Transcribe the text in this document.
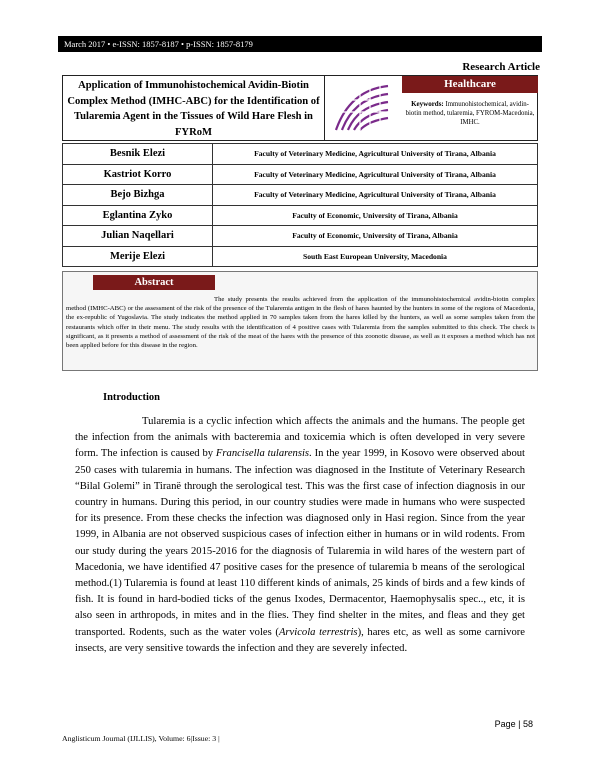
March 2017 • e-ISSN: 1857-8187 • p-ISSN: 1857-8179
Research Article
Application of Immunohistochemical Avidin-Biotin Complex Method (IMHC-ABC) for the Identification of Tularemia Agent in the Tissues of Wild Hare Flesh in FYRoM
Healthcare
Keywords: Immunohistochemical, avidin-biotin method, tularemia, FYROM-Macedonia, IMHC.
Besnik Elezi	Faculty of Veterinary Medicine, Agricultural University of Tirana, Albania
Kastriot Korro	Faculty of Veterinary Medicine, Agricultural University of Tirana, Albania
Bejo Bizhga	Faculty of Veterinary Medicine, Agricultural University of Tirana, Albania
Eglantina Zyko	Faculty of Economic, University of Tirana, Albania
Julian Naqellari	Faculty of Economic, University of Tirana, Albania
Merije Elezi	South East European University, Macedonia
Abstract
The study presents the results achieved from the application of the immunohistochemical avidin-biotin complex method (IMHC-ABC) or the assessment of the risk of the presence of the Tularemia antigen in the flesh of hares haunted by the hunters in some of the regions of Macedonia, the ex-republic of Yugoslavia. The study indicates the method applied in 70 samples taken from the hares killed by the hunters, as well as some samples taken from the restaurants which offer in their menu. The study results with the identification of 4 positive cases with Tularemia from the samples submitted to this check. The check is significant, as it presents a method of assessment of the risk of the meat of the hares with the presence of this zoonotic disease, as well as it exposes a method which has not been applied before for this disease in the region.
Introduction
Tularemia is a cyclic infection which affects the animals and the humans. The people get the infection from the animals with bacteremia and toxicemia which is often developed in very severe form. The infection is caused by Francisella tularensis. In the year 1999, in Kosovo were observed about 250 cases with tularemia in humans. The infection was diagnosed in the Institute of Veterinary Research “Bilal Golemi” in Tiranë through the serological test. This was the first case of infection diagnosis in our country in humans. During this period, in our country studies were made in humans who were suspected for its presence. From these checks the infection was diagnosed only in Hasi region. Since from the year 1999, in Albania are not observed suspicious cases of infection either in humans or in wild rodents. From our study during the years 2015-2016 for the diagnosis of Tularemia in wild hares of the western part of Macedonia, we have identified 47 positive cases for the presence of tularemia b means of the serological method.(1) Tularemia is found at least 110 different kinds of animals, 25 kinds of birds and a few kinds of fish. It is found in hard-bodied ticks of the genus Ixodes, Dermacentor, Haemophysalis spec.., etc, it is also seen in arthropods, in mites and in the flies. They find shelter in the mites, and fleas and they get transported. Rodents, such as the water voles (Arvicola terrestris), hares etc, as well as some carnivore insects, are very sensitive towards the infection and they are severely infected.
Page | 58
Anglisticum Journal (IJLLIS), Volume: 6|Issue: 3 |
